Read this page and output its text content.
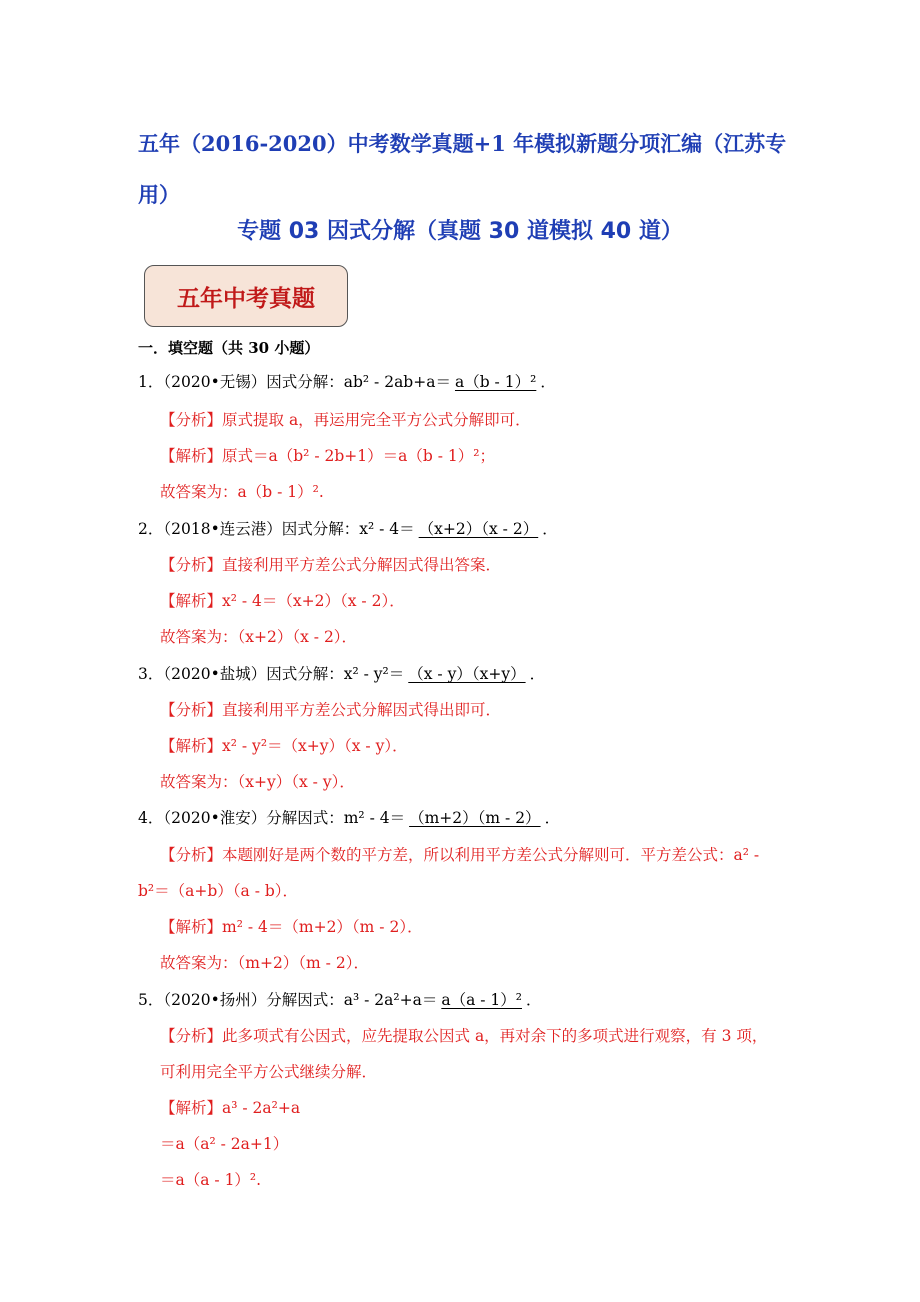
五年（2016-2020）中考数学真题+1 年模拟新题分项汇编（江苏专
用）
专题 03 因式分解（真题 30 道模拟 40 道）
五年中考真题
一．填空题（共 30 小题）
1．（2020•无锡）因式分解：ab² - 2ab+a＝ a（b - 1）² ．
【分析】原式提取 a，再运用完全平方公式分解即可．
【解析】原式＝a（b² - 2b+1）＝a（b - 1）²；
故答案为：a（b - 1）².
2．（2018•连云港）因式分解：x² - 4＝ （x+2）（x - 2） ．
【分析】直接利用平方差公式分解因式得出答案．
【解析】x² - 4＝（x+2）（x - 2）．
故答案为：（x+2）（x - 2）．
3．（2020•盐城）因式分解：x² - y²＝ （x - y）（x+y） ．
【分析】直接利用平方差公式分解因式得出即可．
【解析】x² - y²＝（x+y）（x - y）．
故答案为：（x+y）（x - y）．
4．（2020•淮安）分解因式：m² - 4＝ （m+2）（m - 2） ．
【分析】本题刚好是两个数的平方差，所以利用平方差公式分解则可．平方差公式：a² -
b²＝（a+b）（a - b）．
【解析】m² - 4＝（m+2）（m - 2）．
故答案为：（m+2）（m - 2）．
5．（2020•扬州）分解因式：a³ - 2a²+a＝ a（a - 1）² ．
【分析】此多项式有公因式，应先提取公因式 a，再对余下的多项式进行观察，有 3 项，
可利用完全平方公式继续分解．
【解析】a³ - 2a²+a
＝a（a² - 2a+1）
＝a（a - 1）².
